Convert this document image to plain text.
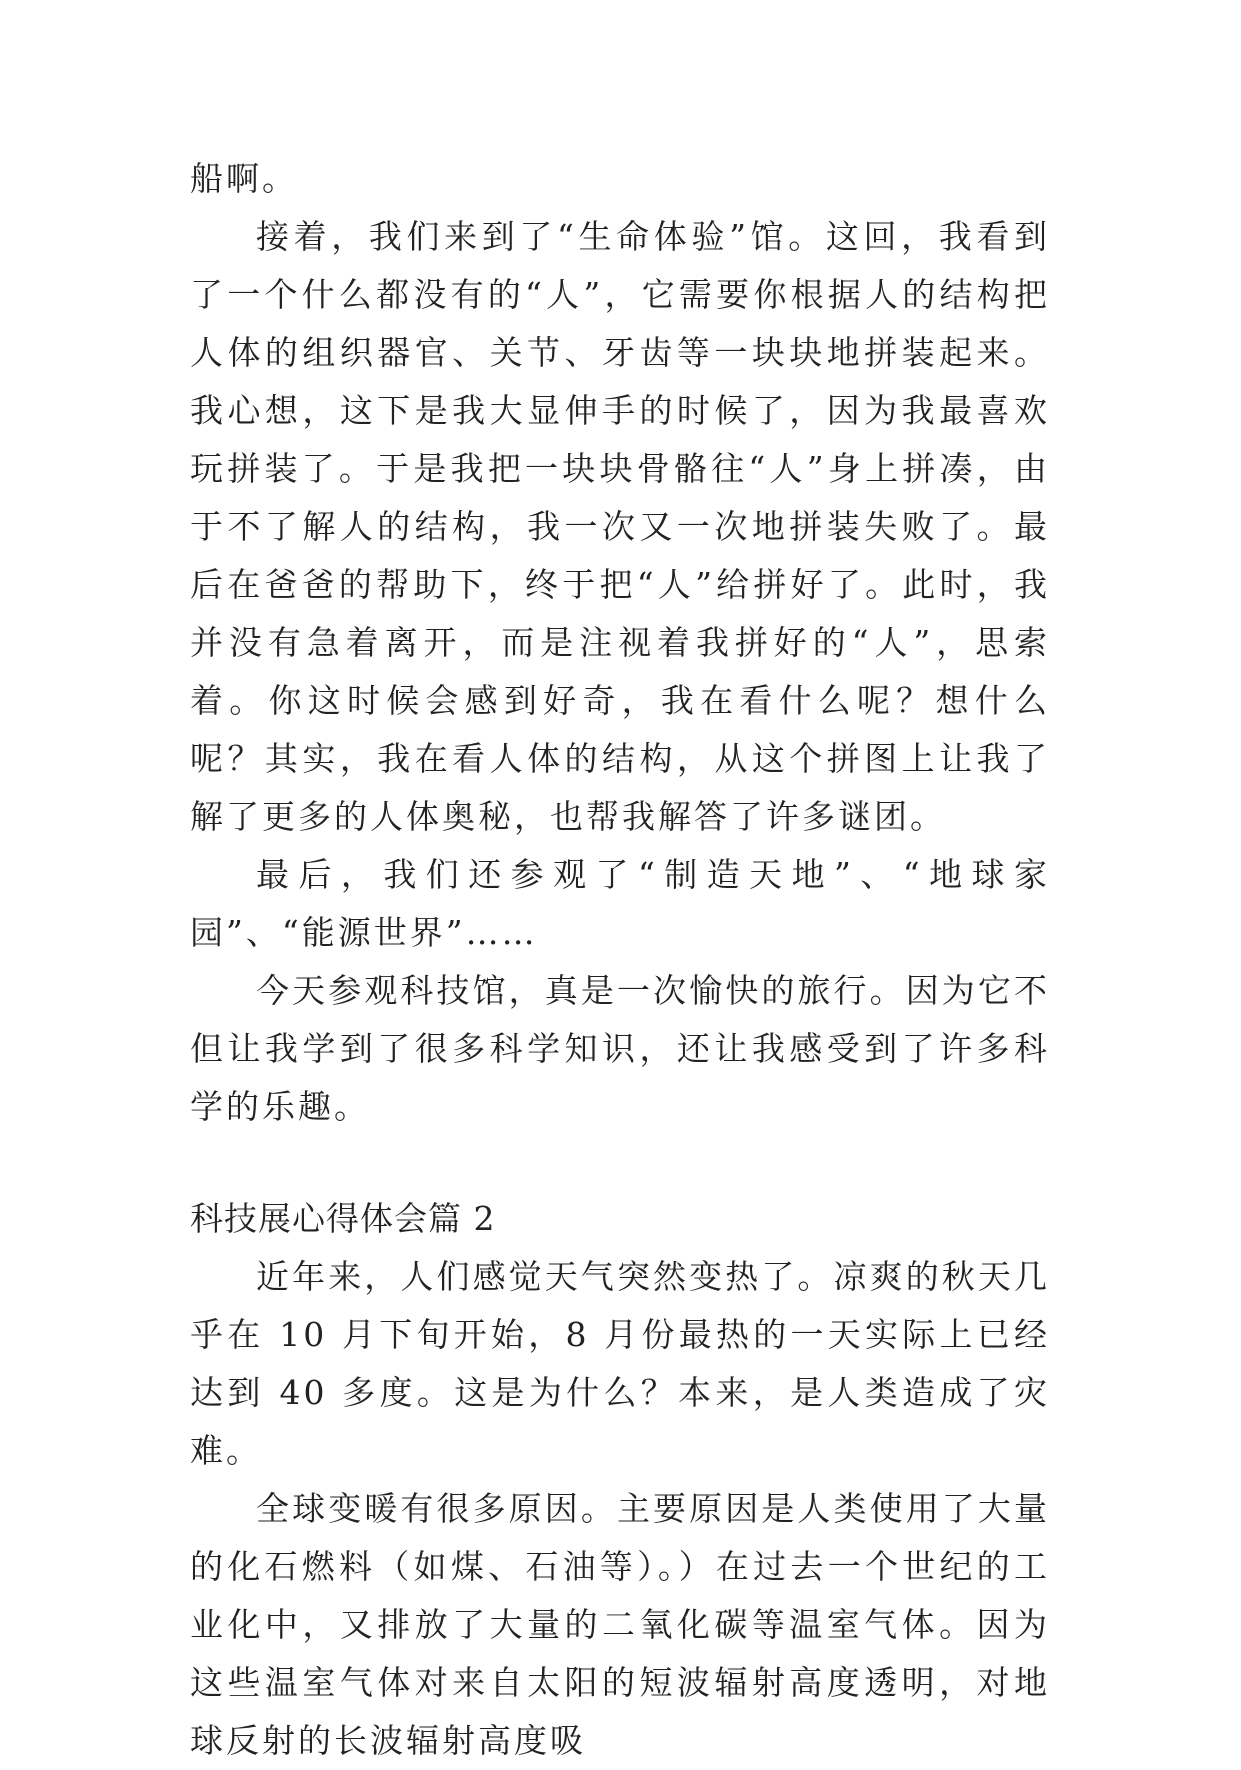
船啊。

接着，我们来到了“生命体验”馆。这回，我看到了一个什么都没有的“人”，它需要你根据人的结构把人体的组织器官、关节、牙齿等一块块地拼装起来。我心想，这下是我大显伸手的时候了，因为我最喜欢玩拼装了。于是我把一块块骨骼往“人”身上拼凑，由于不了解人的结构，我一次又一次地拼装失败了。最后在爸爸的帮助下，终于把“人”给拼好了。此时，我并没有急着离开，而是注视着我拼好的“人”，思索着。你这时候会感到好奇，我在看什么呢？想什么呢？其实，我在看人体的结构，从这个拼图上让我了解了更多的人体奥秘，也帮我解答了许多谜团。

最后，我们还参观了“制造天地”、“地球家园”、“能源世界”……

今天参观科技馆，真是一次愉快的旅行。因为它不但让我学到了很多科学知识，还让我感受到了许多科学的乐趣。

科技展心得体会篇 2

近年来，人们感觉天气突然变热了。凉爽的秋天几乎在 10 月下旬开始，8 月份最热的一天实际上已经达到 40 多度。这是为什么？本来，是人类造成了灾难。

全球变暖有很多原因。主要原因是人类使用了大量的化石燃料（如煤、石油等）。）在过去一个世纪的工业化中，又排放了大量的二氧化碳等温室气体。因为这些温室气体对来自太阳的短波辐射高度透明，对地球反射的长波辐射高度吸
